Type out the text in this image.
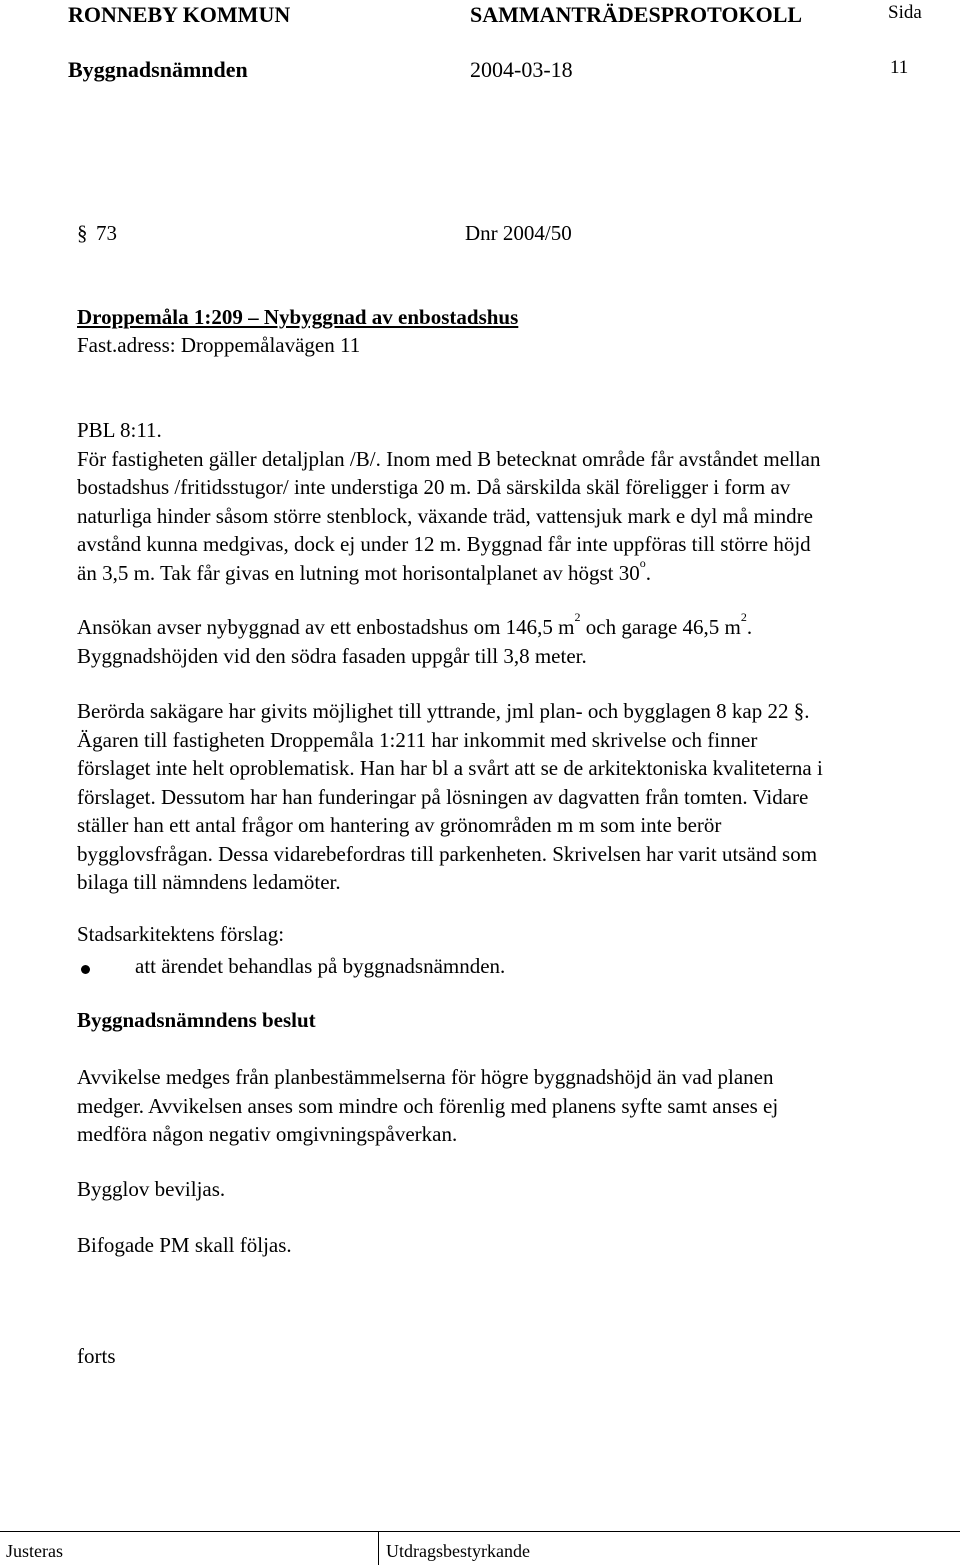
RONNEBY KOMMUN	SAMMANTRÄDESPROTOKOLL	Sida
Byggnadsnämnden	2004-03-18	11
§ 73	Dnr 2004/50
Droppemåla 1:209 – Nybyggnad av enbostadshus
Fast.adress: Droppemålavägen 11
PBL 8:11.
För fastigheten gäller detaljplan /B/. Inom med B betecknat område får avståndet mellan
bostadshus /fritidsstugor/ inte understiga 20 m. Då särskilda skäl föreligger i form av
naturliga hinder såsom större stenblock, växande träd, vattensjuk mark e dyl må mindre
avstånd kunna medgivas, dock ej under 12 m. Byggnad får inte uppföras till större höjd
än 3,5 m. Tak får givas en lutning mot horisontalplanet av högst 30$^o$.
Ansökan avser nybyggnad av ett enbostadshus om 146,5 $m^2$ och garage 46,5 $m^2$.
Byggnadshöjden vid den södra fasaden uppgår till 3,8 meter.
Berörda sakägare har givits möjlighet till yttrande, jml plan- och bygglagen 8 kap 22 §.
Ägaren till fastigheten Droppemåla 1:211 har inkommit med skrivelse och finner
förslaget inte helt oproblematisk. Han har bl a svårt att se de arkitektoniska kvaliteterna i
förslaget. Dessutom har han funderingar på lösningen av dagvatten från tomten. Vidare
ställer han ett antal frågor om hantering av grönområden m m som inte berör
bygglovsfrågan. Dessa vidarebefordras till parkenheten. Skrivelsen har varit utsänd som
bilaga till nämndens ledamöter.
Stadsarkitektens förslag:
att ärendet behandlas på byggnadsnämnden.
Byggnadsnämndens beslut
Avvikelse medges från planbestämmelserna för högre byggnadshöjd än vad planen
medger. Avvikelsen anses som mindre och förenlig med planens syfte samt anses ej
medföra någon negativ omgivningspåverkan.
Bygglov beviljas.
Bifogade PM skall följas.
forts
Justeras	Utdragsbestyrkande
